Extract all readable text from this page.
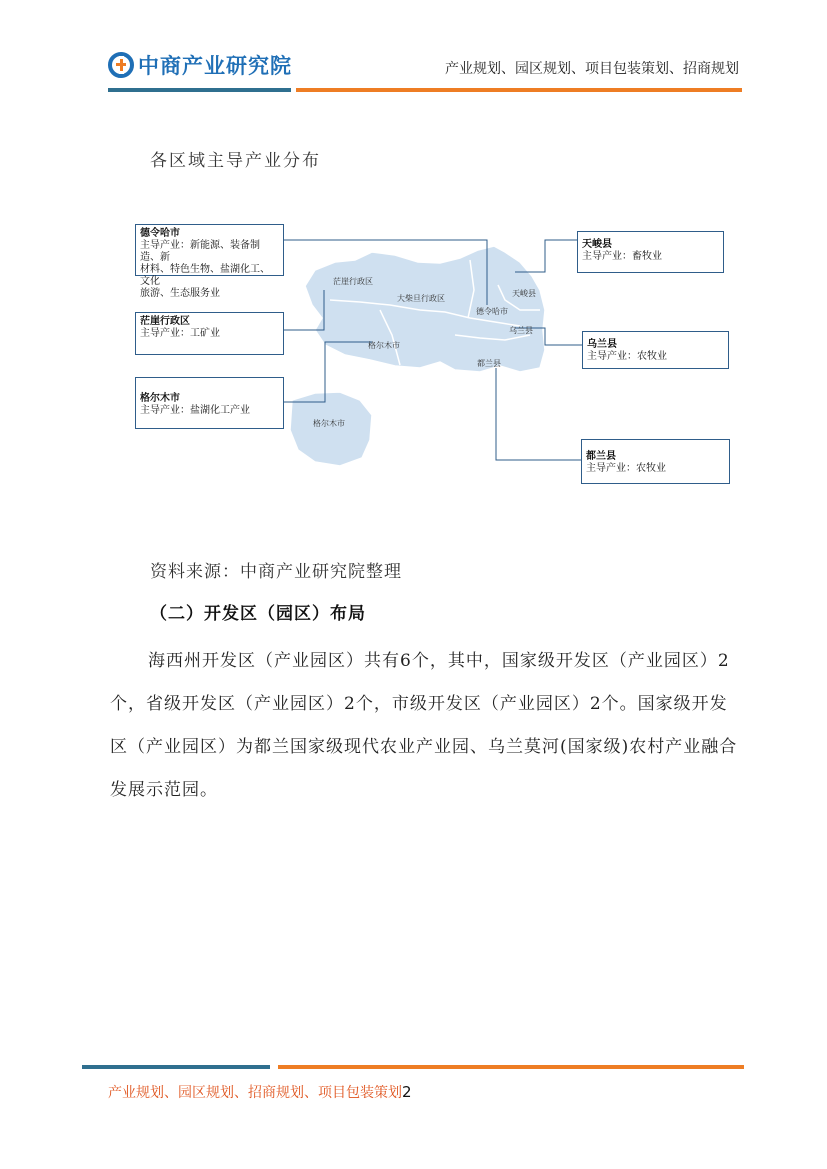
中商产业研究院	产业规划、园区规划、项目包装策划、招商规划
各区域主导产业分布
茫崖行政区
大柴旦行政区
德令哈市
天峻县
乌兰县
格尔木市
都兰县
格尔木市
德令哈市
主导产业：新能源、装备制造、新
材料、特色生物、盐湖化工、文化
旅游、生态服务业
茫崖行政区
主导产业：工矿业
格尔木市
主导产业：盐湖化工产业
天峻县
主导产业：畜牧业
乌兰县
主导产业：农牧业
都兰县
主导产业：农牧业
资料来源：中商产业研究院整理
（二）开发区（园区）布局

海西州开发区（产业园区）共有6个，其中，国家级开发区（产业园区）2个，省级开发区（产业园区）2个，市级开发区（产业园区）2个。国家级开发区（产业园区）为都兰国家级现代农业产业园、乌兰莫河(国家级)农村产业融合发展示范园。

产业规划、园区规划、招商规划、项目包装策划2
